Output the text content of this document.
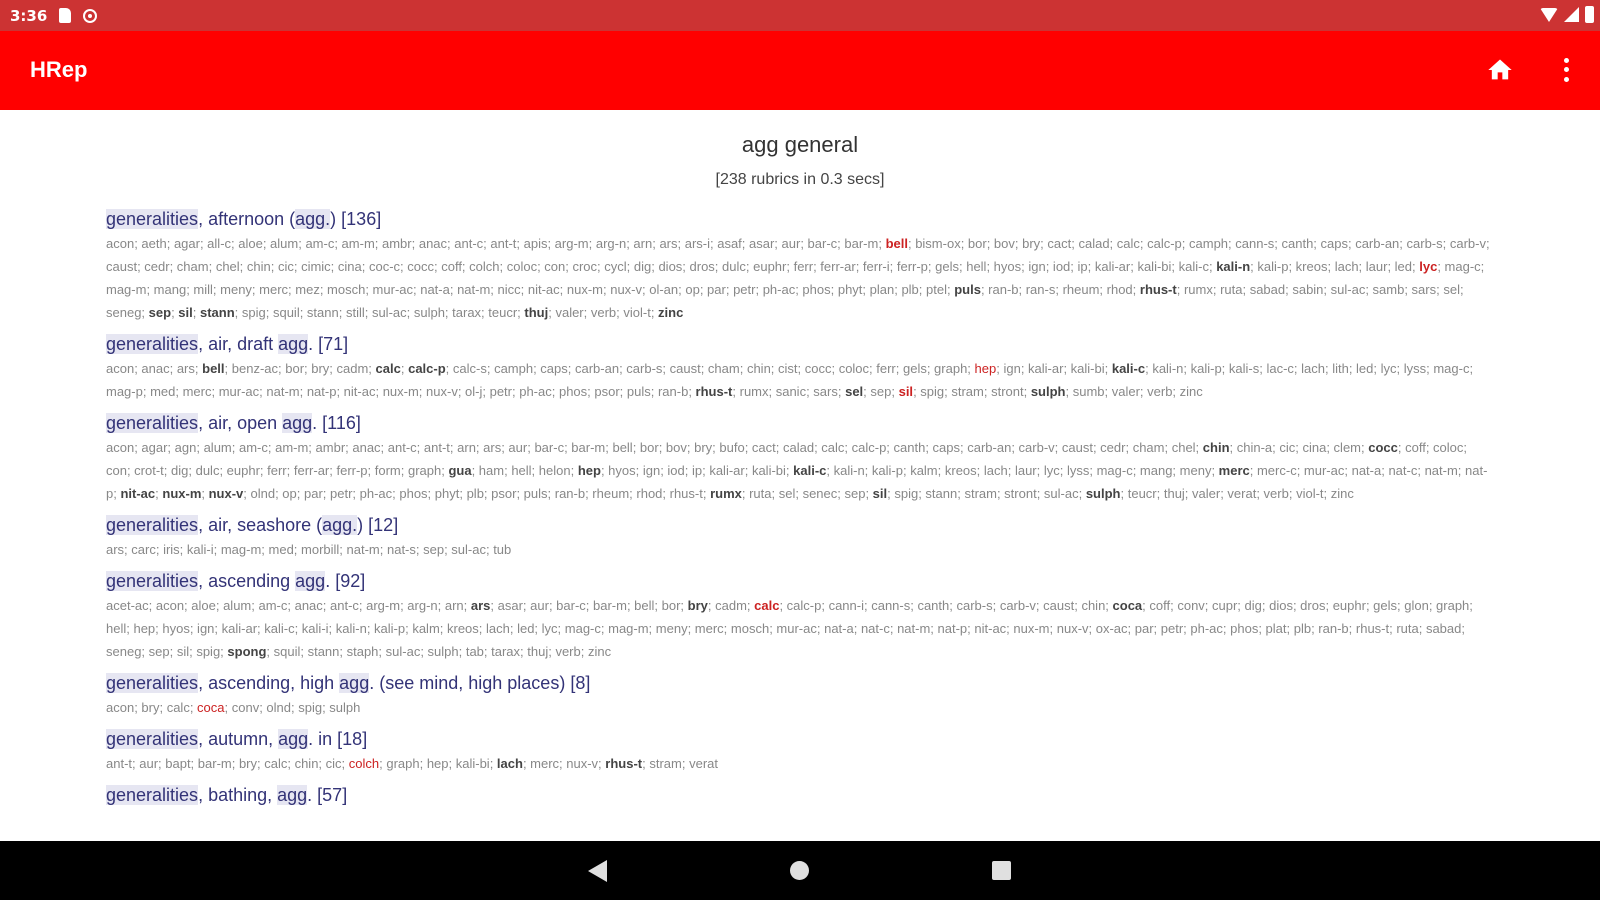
3:36
HRep
agg general
[238 rubrics in 0.3 secs]
generalities, afternoon (agg.) [136]
acon; aeth; agar; all-c; aloe; alum; am-c; am-m; ambr; anac; ant-c; ant-t; apis; arg-m; arg-n; arn; ars; ars-i; asaf; asar; aur; bar-c; bar-m; bell; bism-ox; bor; bov; bry; cact; calad; calc; calc-p; camph; cann-s; canth; caps; carb-an; carb-s; carb-v; caust; cedr; cham; chel; chin; cic; cimic; cina; coc-c; cocc; coff; colch; coloc; con; croc; cycl; dig; dios; dros; dulc; euphr; ferr; ferr-ar; ferr-i; ferr-p; gels; hell; hyos; ign; iod; ip; kali-ar; kali-bi; kali-c; kali-n; kali-p; kreos; lach; laur; led; lyc; mag-c; mag-m; mang; mill; meny; merc; mez; mosch; mur-ac; nat-a; nat-m; nicc; nit-ac; nux-m; nux-v; ol-an; op; par; petr; ph-ac; phos; phyt; plan; plb; ptel; puls; ran-b; ran-s; rheum; rhod; rhus-t; rumx; ruta; sabad; sabin; sul-ac; samb; sars; sel; seneg; sep; sil; stann; spig; squil; stann; still; sul-ac; sulph; tarax; teucr; thuj; valer; verb; viol-t; zinc
generalities, air, draft agg. [71]
acon; anac; ars; bell; benz-ac; bor; bry; cadm; calc; calc-p; calc-s; camph; caps; carb-an; carb-s; caust; cham; chin; cist; cocc; coloc; ferr; gels; graph; hep; ign; kali-ar; kali-bi; kali-c; kali-n; kali-p; kali-s; lac-c; lach; lith; led; lyc; lyss; mag-c; mag-p; med; merc; mur-ac; nat-m; nat-p; nit-ac; nux-m; nux-v; ol-j; petr; ph-ac; phos; psor; puls; ran-b; rhus-t; rumx; sanic; sars; sel; sep; sil; spig; stram; stront; sulph; sumb; valer; verb; zinc
generalities, air, open agg. [116]
acon; agar; agn; alum; am-c; am-m; ambr; anac; ant-c; ant-t; arn; ars; aur; bar-c; bar-m; bell; bor; bov; bry; bufo; cact; calad; calc; calc-p; canth; caps; carb-an; carb-v; caust; cedr; cham; chel; chin; chin-a; cic; cina; clem; cocc; coff; coloc; con; crot-t; dig; dulc; euphr; ferr; ferr-ar; ferr-p; form; graph; gua; ham; hell; helon; hep; hyos; ign; iod; ip; kali-ar; kali-bi; kali-c; kali-n; kali-p; kalm; kreos; lach; laur; lyc; lyss; mag-c; mang; meny; merc; merc-c; mur-ac; nat-a; nat-c; nat-m; nat-p; nit-ac; nux-m; nux-v; olnd; op; par; petr; ph-ac; phos; phyt; plb; psor; puls; ran-b; rheum; rhod; rhus-t; rumx; ruta; sel; senec; sep; sil; spig; stann; stram; stront; sul-ac; sulph; teucr; thuj; valer; verat; verb; viol-t; zinc
generalities, air, seashore (agg.) [12]
ars; carc; iris; kali-i; mag-m; med; morbill; nat-m; nat-s; sep; sul-ac; tub
generalities, ascending agg. [92]
acet-ac; acon; aloe; alum; am-c; anac; ant-c; arg-m; arg-n; arn; ars; asar; aur; bar-c; bar-m; bell; bor; bry; cadm; calc; calc-p; cann-i; cann-s; canth; carb-s; carb-v; caust; chin; coca; coff; conv; cupr; dig; dios; dros; euphr; gels; glon; graph; hell; hep; hyos; ign; kali-ar; kali-c; kali-i; kali-n; kali-p; kalm; kreos; lach; led; lyc; mag-c; mag-m; meny; merc; mosch; mur-ac; nat-a; nat-c; nat-m; nat-p; nit-ac; nux-m; nux-v; ox-ac; par; petr; ph-ac; phos; plat; plb; ran-b; rhus-t; ruta; sabad; seneg; sep; sil; spig; spong; squil; stann; staph; sul-ac; sulph; tab; tarax; thuj; verb; zinc
generalities, ascending, high agg. (see mind, high places) [8]
acon; bry; calc; coca; conv; olnd; spig; sulph
generalities, autumn, agg. in [18]
ant-t; aur; bapt; bar-m; bry; calc; chin; cic; colch; graph; hep; kali-bi; lach; merc; nux-v; rhus-t; stram; verat
generalities, bathing, agg. [57]
